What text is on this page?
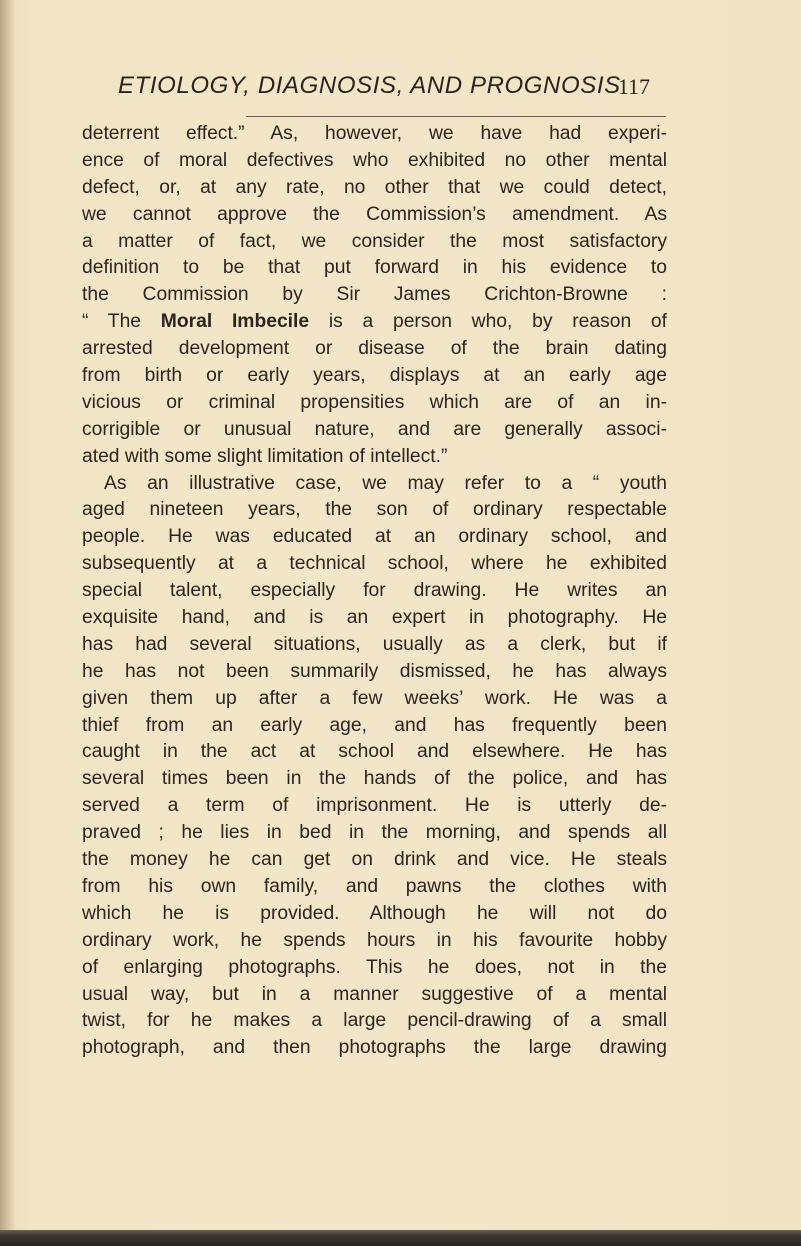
ETIOLOGY, DIAGNOSIS, AND PROGNOSIS
117
deterrent effect.” As, however, we have had experi-
ence of moral defectives who exhibited no other mental
defect, or, at any rate, no other that we could detect,
we cannot approve the Commission’s amendment. As
a matter of fact, we consider the most satisfactory
definition to be that put forward in his evidence to
the Commission by Sir James Crichton-Browne :
“ The Moral Imbecile is a person who, by reason of
arrested development or disease of the brain dating
from birth or early years, displays at an early age
vicious or criminal propensities which are of an in-
corrigible or unusual nature, and are generally associ-
ated with some slight limitation of intellect.”
As an illustrative case, we may refer to a “ youth
aged nineteen years, the son of ordinary respectable
people. He was educated at an ordinary school, and
subsequently at a technical school, where he exhibited
special talent, especially for drawing. He writes an
exquisite hand, and is an expert in photography. He
has had several situations, usually as a clerk, but if
he has not been summarily dismissed, he has always
given them up after a few weeks’ work. He was a
thief from an early age, and has frequently been
caught in the act at school and elsewhere. He has
several times been in the hands of the police, and has
served a term of imprisonment. He is utterly de-
praved ; he lies in bed in the morning, and spends all
the money he can get on drink and vice. He steals
from his own family, and pawns the clothes with
which he is provided. Although he will not do
ordinary work, he spends hours in his favourite hobby
of enlarging photographs. This he does, not in the
usual way, but in a manner suggestive of a mental
twist, for he makes a large pencil-drawing of a small
photograph, and then photographs the large drawing
